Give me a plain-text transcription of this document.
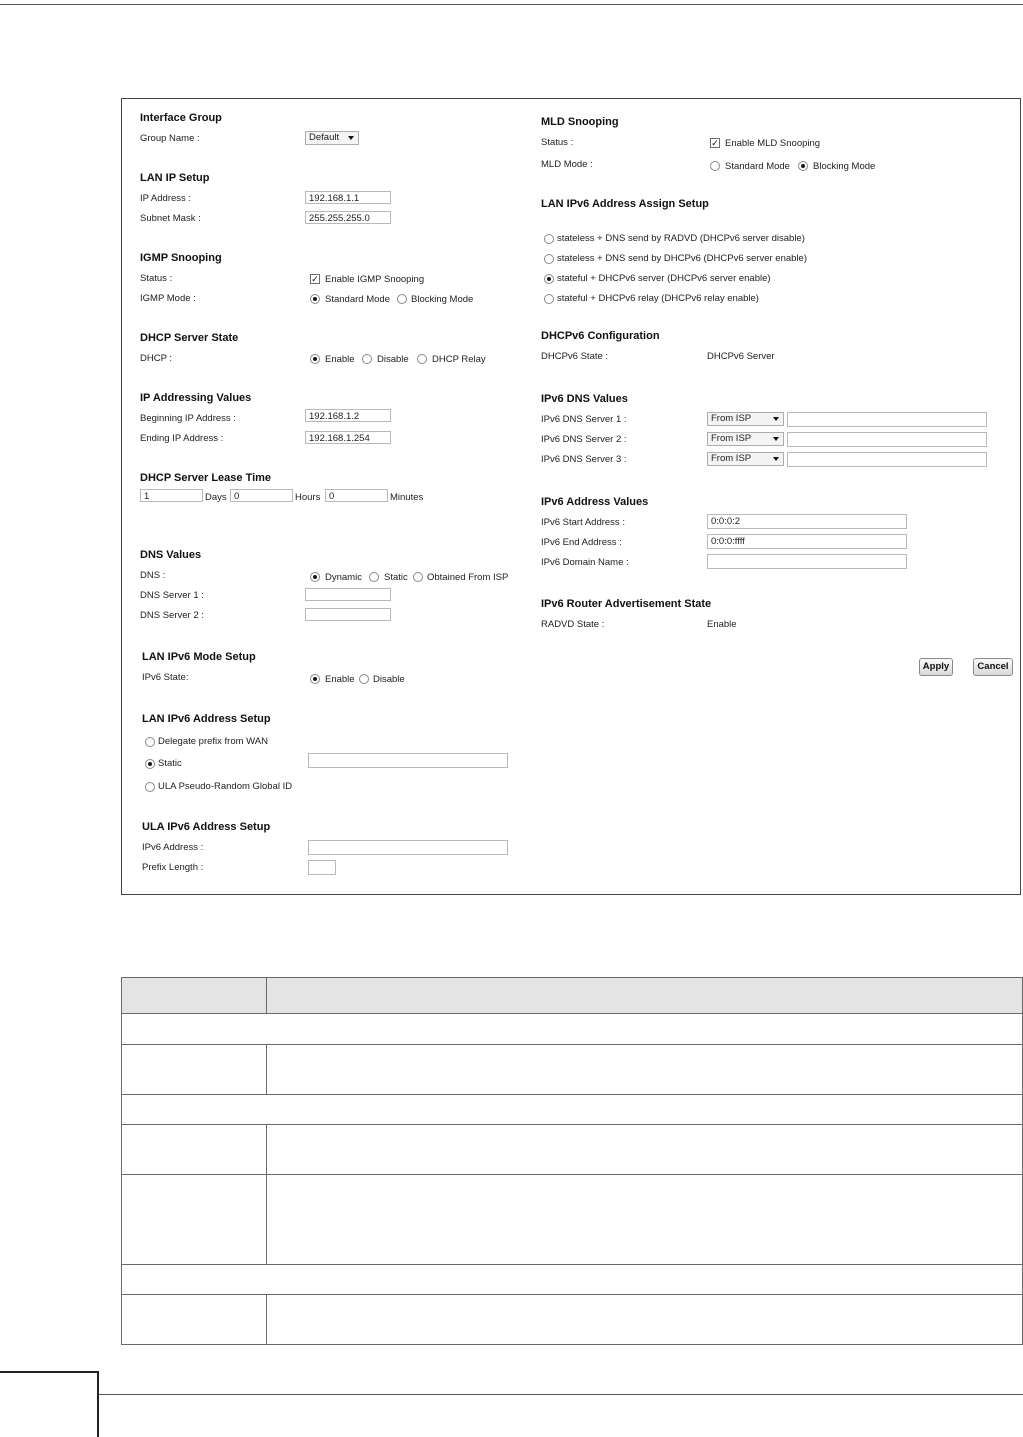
Interface Group
Group Name :	Default
LAN IP Setup
IP Address :	192.168.1.1
Subnet Mask :	255.255.255.0
IGMP Snooping
Status :	✓ Enable IGMP Snooping
IGMP Mode :	Standard Mode Blocking Mode
DHCP Server State
DHCP :	Enable Disable DHCP Relay
IP Addressing Values
Beginning IP Address :	192.168.1.2
Ending IP Address :	192.168.1.254
DHCP Server Lease Time
1	Days 0	Hours 0	Minutes
DNS Values
DNS :	Dynamic Static Obtained From ISP
DNS Server 1 :
DNS Server 2 :
LAN IPv6 Mode Setup
IPv6 State:	Enable Disable
LAN IPv6 Address Setup
Delegate prefix from WAN
Static
ULA Pseudo-Random Global ID
ULA IPv6 Address Setup
IPv6 Address :
Prefix Length :
MLD Snooping
Status :	✓ Enable MLD Snooping
MLD Mode :	Standard Mode Blocking Mode
LAN IPv6 Address Assign Setup
stateless + DNS send by RADVD (DHCPv6 server disable)
stateless + DNS send by DHCPv6 (DHCPv6 server enable)
stateful + DHCPv6 server (DHCPv6 server enable)
stateful + DHCPv6 relay (DHCPv6 relay enable)
DHCPv6 Configuration
DHCPv6 State :	DHCPv6 Server
IPv6 DNS Values
IPv6 DNS Server 1 :	From ISP
IPv6 DNS Server 2 :	From ISP
IPv6 DNS Server 3 :	From ISP
IPv6 Address Values
IPv6 Start Address :	0:0:0:2
IPv6 End Address :	0:0:0:ffff
IPv6 Domain Name :
IPv6 Router Advertisement State
RADVD State :	Enable
Apply	Cancel
